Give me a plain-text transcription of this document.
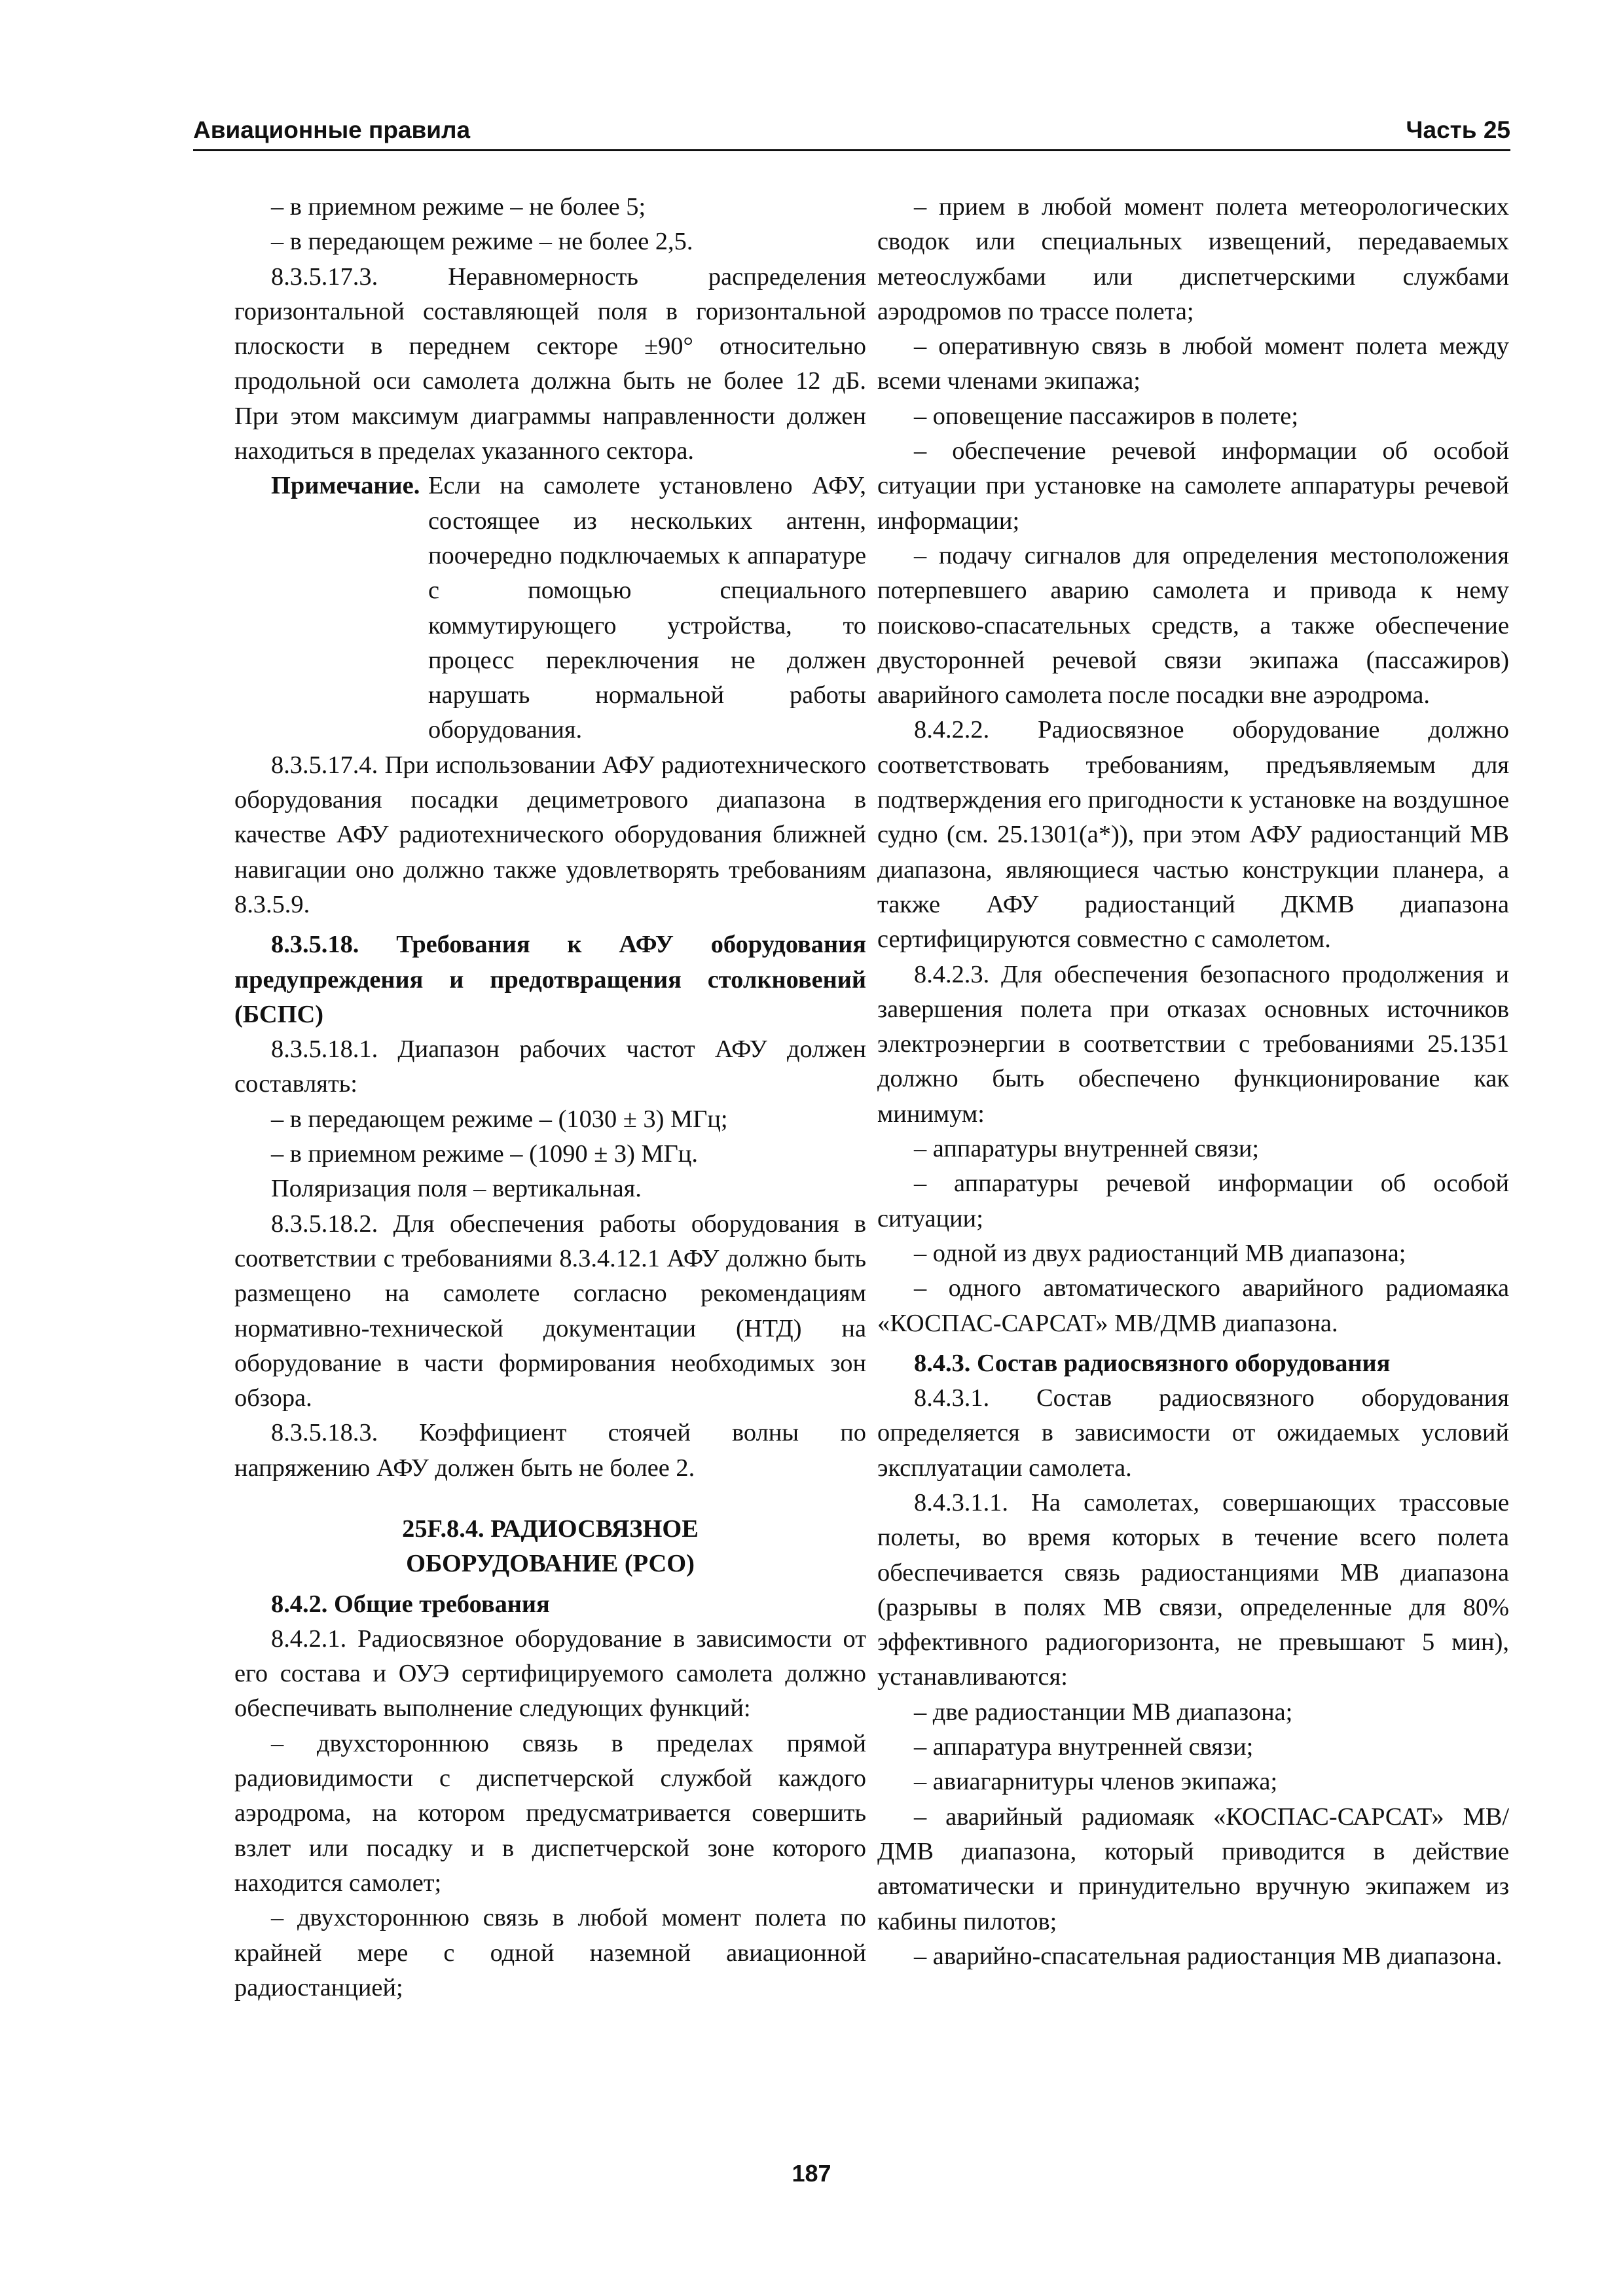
Авиационные правила	Часть 25

– в приемном режиме – не более 5;

– в передающем режиме – не более 2,5.

8.3.5.17.3. Неравномерность распределения горизонтальной составляющей поля в горизонтальной плоскости в переднем секторе ±90° относительно продольной оси самолета должна быть не более 12 дБ. При этом максимум диаграммы направленности должен находиться в пределах указанного сектора.

Примечание. Если на самолете установлено АФУ, состоящее из нескольких антенн, поочередно подключаемых к аппаратуре с помощью специального коммутирующего устройства, то процесс переключения не должен нарушать нормальной работы оборудования.

8.3.5.17.4. При использовании АФУ радиотехнического оборудования посадки дециметрового диапазона в качестве АФУ радиотехнического оборудования ближней навигации оно должно также удовлетворять требованиям 8.3.5.9.

8.3.5.18. Требования к АФУ оборудования предупреждения и предотвращения столкновений (БСПС)

8.3.5.18.1. Диапазон рабочих частот АФУ должен составлять:

– в передающем режиме – (1030 ± 3) МГц;

– в приемном режиме – (1090 ± 3) МГц.

Поляризация поля – вертикальная.

8.3.5.18.2. Для обеспечения работы оборудования в соответствии с требованиями 8.3.4.12.1 АФУ должно быть размещено на самолете согласно рекомендациям нормативно-технической документации (НТД) на оборудование в части формирования необходимых зон обзора.

8.3.5.18.3. Коэффициент стоячей волны по напряжению АФУ должен быть не более 2.

25F.8.4. РАДИОСВЯЗНОЕ

ОБОРУДОВАНИЕ (РСО)

8.4.2. Общие требования

8.4.2.1. Радиосвязное оборудование в зависимости от его состава и ОУЭ сертифицируемого самолета должно обеспечивать выполнение следующих функций:

– двухстороннюю связь в пределах прямой радиовидимости с диспетчерской службой каждого аэродрома, на котором предусматривается совершить взлет или посадку и в диспетчерской зоне которого находится самолет;

– двухстороннюю связь в любой момент полета по крайней мере с одной наземной авиационной радиостанцией;

– прием в любой момент полета метеорологических сводок или специальных извещений, передаваемых метеослужбами или диспетчерскими службами аэродромов по трассе полета;

– оперативную связь в любой момент полета между всеми членами экипажа;

– оповещение пассажиров в полете;

– обеспечение речевой информации об особой ситуации при установке на самолете аппаратуры речевой информации;

– подачу сигналов для определения местоположения потерпевшего аварию самолета и привода к нему поисково-спасательных средств, а также обеспечение двусторонней речевой связи экипажа (пассажиров) аварийного самолета после посадки вне аэродрома.

8.4.2.2. Радиосвязное оборудование должно соответствовать требованиям, предъявляемым для подтверждения его пригодности к установке на воздушное судно (см. 25.1301(а*)), при этом АФУ радиостанций МВ диапазона, являющиеся частью конструкции планера, а также АФУ радиостанций ДКМВ диапазона сертифицируются совместно с самолетом.

8.4.2.3. Для обеспечения безопасного продолжения и завершения полета при отказах основных источников электроэнергии в соответствии с требованиями 25.1351 должно быть обеспечено функционирование как минимум:

– аппаратуры внутренней связи;

– аппаратуры речевой информации об особой ситуации;

– одной из двух радиостанций МВ диапазона;

– одного автоматического аварийного радиомаяка «КОСПАС-САРСАТ» МВ/ДМВ диапазона.

8.4.3. Состав радиосвязного оборудования

8.4.3.1. Состав радиосвязного оборудования определяется в зависимости от ожидаемых условий эксплуатации самолета.

8.4.3.1.1. На самолетах, совершающих трассовые полеты, во время которых в течение всего полета обеспечивается связь радиостанциями МВ диапазона (разрывы в полях МВ связи, определенные для 80% эффективного радиогоризонта, не превышают 5 мин), устанавливаются:

– две радиостанции МВ диапазона;

– аппаратура внутренней связи;

– авиагарнитуры членов экипажа;

– аварийный радиомаяк «КОСПАС-САРСАТ» МВ/ДМВ диапазона, который приводится в действие автоматически и принудительно вручную экипажем из кабины пилотов;

– аварийно-спасательная радиостанция МВ диапазона.

187
